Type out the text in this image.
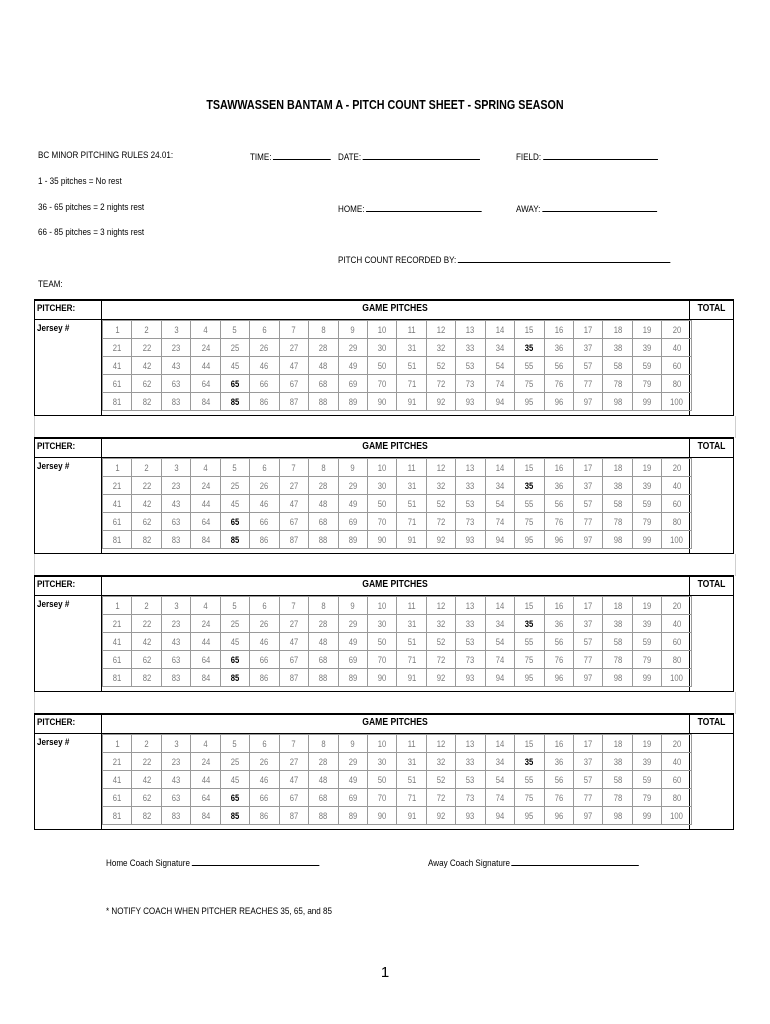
TSAWWASSEN BANTAM A - PITCH COUNT SHEET - SPRING SEASON
BC MINOR PITCHING RULES 24.01:
1 - 35 pitches = No rest
36 - 65 pitches = 2 nights rest
66 - 85 pitches = 3 nights rest
TIME:	DATE:	FIELD:
HOME:	AWAY:
PITCH COUNT RECORDED BY:
TEAM:
PITCHER:
Jersey #
GAME PITCHES	TOTAL
1	2	3	4	5	6	7	8	9	10	11	12	13	14	15	16	17	18	19	20
21	22	23	24	25	26	27	28	29	30	31	32	33	34	35	36	37	38	39	40
41	42	43	44	45	46	47	48	49	50	51	52	53	54	55	56	57	58	59	60
61	62	63	64	65	66	67	68	69	70	71	72	73	74	75	76	77	78	79	80
81	82	83	84	85	86	87	88	89	90	91	92	93	94	95	96	97	98	99	100
PITCHER:
Jersey #
GAME PITCHES	TOTAL
1	2	3	4	5	6	7	8	9	10	11	12	13	14	15	16	17	18	19	20
21	22	23	24	25	26	27	28	29	30	31	32	33	34	35	36	37	38	39	40
41	42	43	44	45	46	47	48	49	50	51	52	53	54	55	56	57	58	59	60
61	62	63	64	65	66	67	68	69	70	71	72	73	74	75	76	77	78	79	80
81	82	83	84	85	86	87	88	89	90	91	92	93	94	95	96	97	98	99	100
PITCHER:
Jersey #
GAME PITCHES	TOTAL
1	2	3	4	5	6	7	8	9	10	11	12	13	14	15	16	17	18	19	20
21	22	23	24	25	26	27	28	29	30	31	32	33	34	35	36	37	38	39	40
41	42	43	44	45	46	47	48	49	50	51	52	53	54	55	56	57	58	59	60
61	62	63	64	65	66	67	68	69	70	71	72	73	74	75	76	77	78	79	80
81	82	83	84	85	86	87	88	89	90	91	92	93	94	95	96	97	98	99	100
PITCHER:
Jersey #
GAME PITCHES	TOTAL
1	2	3	4	5	6	7	8	9	10	11	12	13	14	15	16	17	18	19	20
21	22	23	24	25	26	27	28	29	30	31	32	33	34	35	36	37	38	39	40
41	42	43	44	45	46	47	48	49	50	51	52	53	54	55	56	57	58	59	60
61	62	63	64	65	66	67	68	69	70	71	72	73	74	75	76	77	78	79	80
81	82	83	84	85	86	87	88	89	90	91	92	93	94	95	96	97	98	99	100
Home Coach Signature	Away Coach Signature
* NOTIFY COACH WHEN PITCHER REACHES 35, 65, and 85
1
